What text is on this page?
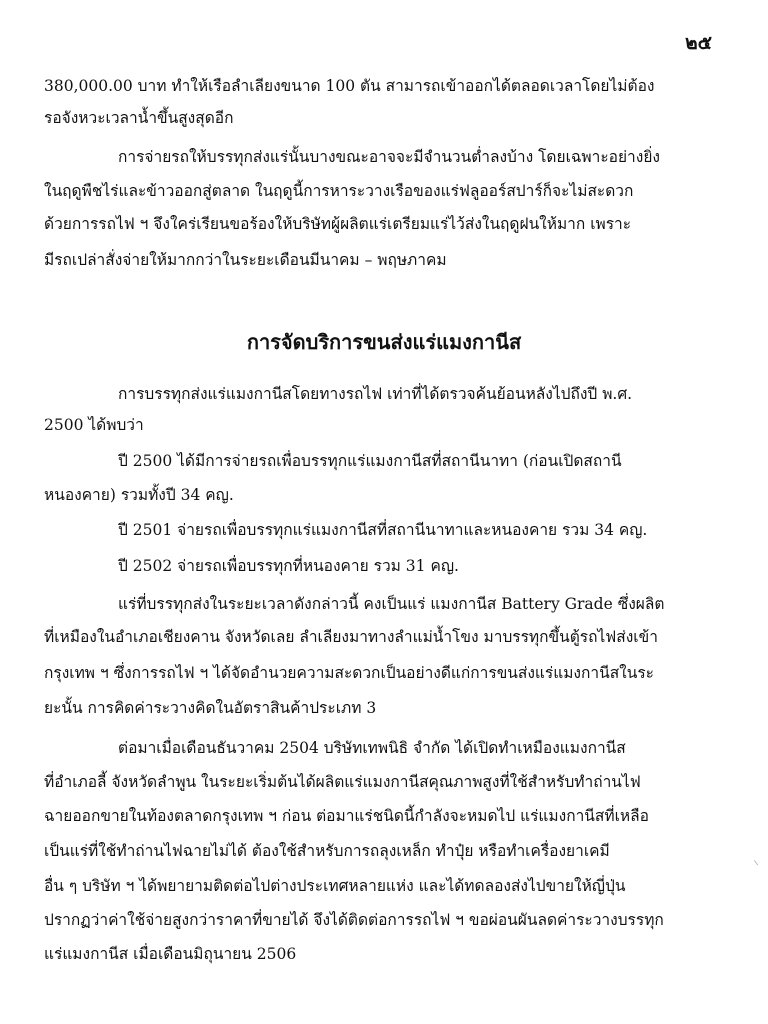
๒๕
380,000.00 บาท ทำให้เรือลำเลียงขนาด 100 ตัน สามารถเข้าออกได้ตลอดเวลาโดยไม่ต้อง
รอจังหวะเวลาน้ำขึ้นสูงสุดอีก
การจ่ายรถให้บรรทุกส่งแร่นั้นบางขณะอาจจะมีจำนวนต่ำลงบ้าง โดยเฉพาะอย่างยิ่ง
ในฤดูพืชไร่และข้าวออกสู่ตลาด ในฤดูนี้การหาระวางเรือของแร่ฟลูออร์สปาร์ก็จะไม่สะดวก
ด้วยการรถไฟ ฯ จึงใคร่เรียนขอร้องให้บริษัทผู้ผลิตแร่เตรียมแร่ไว้ส่งในฤดูฝนให้มาก เพราะ
มีรถเปล่าสั่งจ่ายให้มากกว่าในระยะเดือนมีนาคม – พฤษภาคม
การจัดบริการขนส่งแร่แมงกานีส
การบรรทุกส่งแร่แมงกานีสโดยทางรถไฟ เท่าที่ได้ตรวจค้นย้อนหลังไปถึงปี พ.ศ.
2500 ได้พบว่า
ปี 2500 ได้มีการจ่ายรถเพื่อบรรทุกแร่แมงกานีสที่สถานีนาทา (ก่อนเปิดสถานี
หนองคาย) รวมทั้งปี 34 คญ.
ปี 2501 จ่ายรถเพื่อบรรทุกแร่แมงกานีสที่สถานีนาทาและหนองคาย รวม 34 คญ.
ปี 2502 จ่ายรถเพื่อบรรทุกที่หนองคาย รวม 31 คญ.
แร่ที่บรรทุกส่งในระยะเวลาดังกล่าวนี้ คงเป็นแร่ แมงกานีส Battery Grade ซึ่งผลิต
ที่เหมืองในอำเภอเชียงคาน จังหวัดเลย ลำเลียงมาทางลำแม่น้ำโขง มาบรรทุกขึ้นตู้รถไฟส่งเข้า
กรุงเทพ ฯ ซึ่งการรถไฟ ฯ ได้จัดอำนวยความสะดวกเป็นอย่างดีแก่การขนส่งแร่แมงกานีสในระ
ยะนั้น การคิดค่าระวางคิดในอัตราสินค้าประเภท 3
ต่อมาเมื่อเดือนธันวาคม 2504 บริษัทเทพนิธิ จำกัด ได้เปิดทำเหมืองแมงกานีส
ที่อำเภอลี้ จังหวัดลำพูน ในระยะเริ่มต้นได้ผลิตแร่แมงกานีสคุณภาพสูงที่ใช้สำหรับทำถ่านไฟ
ฉายออกขายในท้องตลาดกรุงเทพ ฯ ก่อน ต่อมาแร่ชนิดนี้กำลังจะหมดไป แร่แมงกานีสที่เหลือ
เป็นแร่ที่ใช้ทำถ่านไฟฉายไม่ได้ ต้องใช้สำหรับการถลุงเหล็ก ทำปุ๋ย หรือทำเครื่องยาเคมี
อื่น ๆ บริษัท ฯ ได้พยายามติดต่อไปต่างประเทศหลายแห่ง และได้ทดลองส่งไปขายให้ญี่ปุ่น
ปรากฏว่าค่าใช้จ่ายสูงกว่าราคาที่ขายได้ จึงได้ติดต่อการรถไฟ ฯ ขอผ่อนผันลดค่าระวางบรรทุก
แร่แมงกานีส เมื่อเดือนมิถุนายน 2506
